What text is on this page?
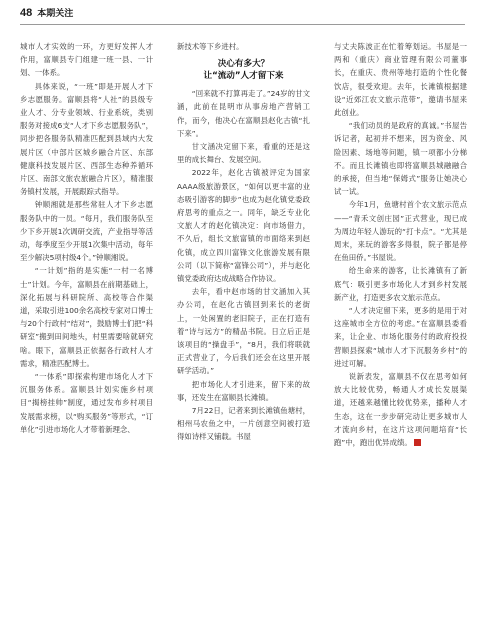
48 本期关注

城市人才实效的一环，方更好发挥人才作用，富顺县专门组建一班一县、一计划、一体系。

具体来说，“一班”即是开展人才下乡志愿服务。富顺县将“人社”的县级专业人才、分专业领域、行业系统，类别服务对接成6支“人才下乡志愿服务队”，同步把各服务队精准匹配到县域内大发展片区（中部片区城乡融合片区、东部健康科技发展片区、西部生态种养循环片区、南部文旅农旅融合片区），精准服务镇村发展，开展跟踪式指导。

钟顺湘就是那些常驻人才下乡志愿服务队中的一员。“每月，我们服务队至少下乡开展1次调研交流，产业指导等活动，每季度至少开展1次集中活动，每年至少解决5项村级4个。”钟顺湘说。

“一计划”指的是实施“一村一名博士”计划。今年，富顺县在前期基础上，深化拓展与科研院所、高校等合作渠道，采取引进100余名高校专家对口博士与20个行政村“结对”，鼓励博士们把“科研室”搬到田间地头，村里需要啥就研究啥。眼下，富顺县正依据各行政村人才需求，精准匹配博士。

“一体系”即探索构建市场化人才下沉服务体系。富顺县计划实施乡村项目“揭榜挂帅”制度，通过发布乡村项目发展需求榜，以“购买服务”等形式，“订单化”引进市场化人才带着新理念、

新技术等下乡进村。

决心有多大？
让“流动”人才留下来

“回来就不打算再走了。”24岁的甘文涵，此前在昆明市从事房地产营销工作，而今，他决心在富顺县赵化古镇“扎下来”。

甘文涵决定留下来，看重的还是这里的成长舞台、发展空间。

2022年，赵化古镇被评定为国家AAAA级旅游景区，“如何以更丰富的业态吸引游客的脚步”也成为赵化镇党委政府思考的重点之一。同年，缺乏专业化文旅人才的赵化镇决定：向市场借力，不久后，组长文旅富镇的市面络来到赵化镇，成立四川富锋文化旅游发展有限公司（以下简称“富锋公司”），并与赵化镇党委政府达成战略合作协议。

去年，看中赵市场的甘文涵加入其办公司，在赵化古镇回到来长的老街上，一处闲置的老旧院子，正在打造有着“诗与远方”的精品书院。日立后正是该项目的“操盘手”，“8月，我们将联就正式营业了，今后我们还会在这里开展研学活动。”

把市场化人才引进来，留下来的故事，还发生在富顺县长滩镇。

7月22日，记者来到长滩镇鱼塘村，相州马农鱼之中，一片创意空间被打造得如诗样又铺载。书屋

与丈夫陈波正在忙着筹划运。书屋是一两和（重庆）商业管理有限公司董事长，在重庆、贵州等地打造的个性化餐饮店，很受欢迎。去年，长滩镇根据建设“近郊江农文旅示范带”，邀请书屋来此创业。

“我们动员的是政府的真诚。”书屋告诉记者，起初并不想来，因为资金、风险因素、场地等问题，镇一项都小分梯不。而且长滩镇也即将富顺县城融融合的承接，但当地“保姆式”服务让她决心试一试。

今年1月，鱼塘村首个农文旅示范点——“青禾文创庄园”正式营业，现已成为周边年轻人游玩的“打卡点”。“尤其是周末，来玩的游客多得很，院子都是停在鱼田侨。”书屋说。

给生命来的游客，让长滩镇有了新底气：吸引更多市场化人才到乡村发展新产业，打造更多农文旅示范点。

“人才决定留下来，更多的是用于对这座城市全方位的考虑。”在富顺县委看来，让企业、市场化服务付的政府投投营顺县探索“城市人才下沉服务乡村”的进过可解。

说新表发，富顺县不仅在思考如何放大比较优势，畅通人才成长发展渠道，还越来越懂比较优势来，播种人才生态，这在一步步研完动让更多城市人才流向乡村，在这片这项问题培育“长跑”中，跑出优异成绩。
